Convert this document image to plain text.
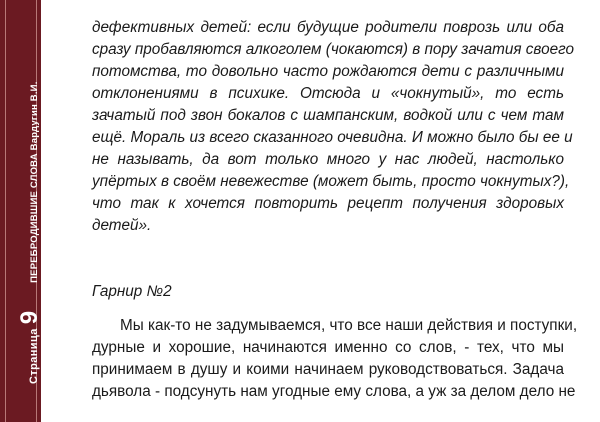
Страница
9
ПЕРЕБРОДИВШИЕ СЛОВА Вардугин В.И.
дефективных детей: если будущие родители поврозь или оба
сразу пробавляются алкоголем (чокаются) в пору зачатия своего
потомства, то довольно часто рождаются дети с различными
отклонениями в психике. Отсюда и «чокнутый», то есть
зачатый под звон бокалов с шампанским, водкой или с чем там
ещё. Мораль из всего сказанного очевидна. И можно было бы ее и
не называть, да вот только много у нас людей, настолько
упёртых в своём невежестве (может быть, просто чокнутых?),
что так к хочется повторить рецепт получения здоровых
детей».
Гарнир №2
Мы как-то не задумываемся, что все наши действия и поступки,
дурные и хорошие, начинаются именно со слов, - тех, что мы
принимаем в душу и коими начинаем руководствоваться. Задача
дьявола - подсунуть нам угодные ему слова, а уж за делом дело не
